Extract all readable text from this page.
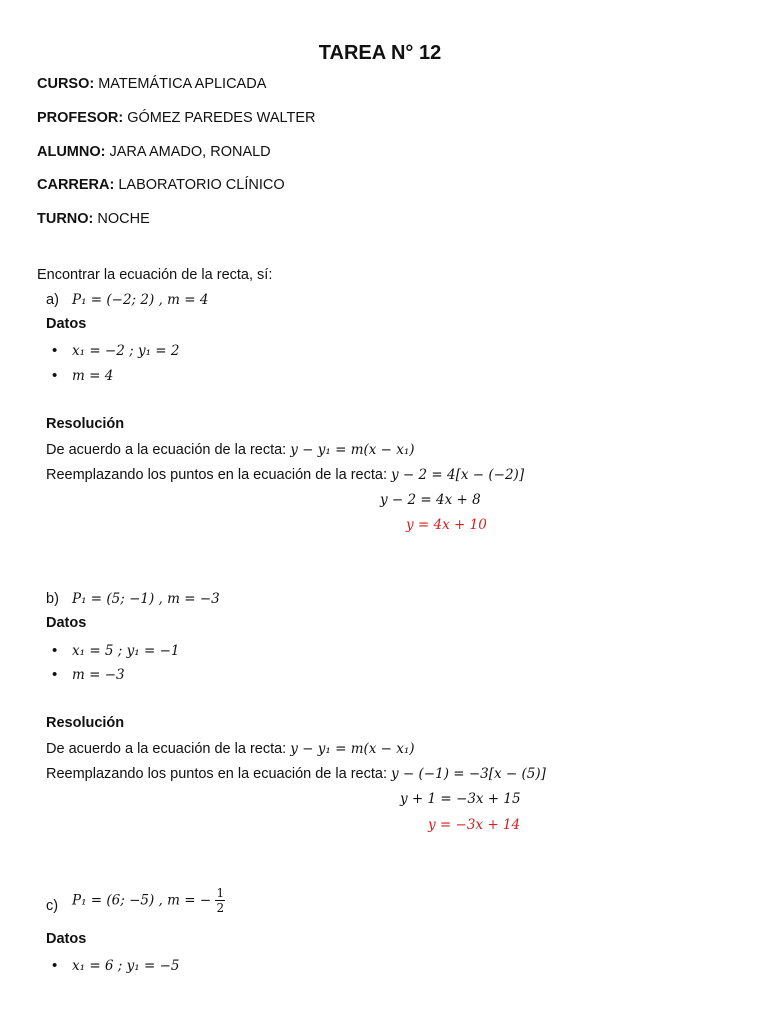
TAREA N° 12
CURSO: MATEMÁTICA APLICADA
PROFESOR: GÓMEZ PAREDES WALTER
ALUMNO: JARA AMADO, RONALD
CARRERA: LABORATORIO CLÍNICO
TURNO: NOCHE
Encontrar la ecuación de la recta, sí:
a) P₁ = (−2; 2) , m = 4
Datos
• x₁ = −2 ; y₁ = 2
• m = 4
Resolución
De acuerdo a la ecuación de la recta: y − y₁ = m(x − x₁)
Reemplazando los puntos en la ecuación de la recta: y − 2 = 4[x − (−2)]
y − 2 = 4x + 8
y = 4x + 10
b) P₁ = (5; −1) , m = −3
Datos
• x₁ = 5 ; y₁ = −1
• m = −3
Resolución
De acuerdo a la ecuación de la recta: y − y₁ = m(x − x₁)
Reemplazando los puntos en la ecuación de la recta: y − (−1) = −3[x − (5)]
y + 1 = −3x + 15
y = −3x + 14
c) P₁ = (6; −5) , m = − $\frac{1}{2}$
Datos
• x₁ = 6 ; y₁ = −5
